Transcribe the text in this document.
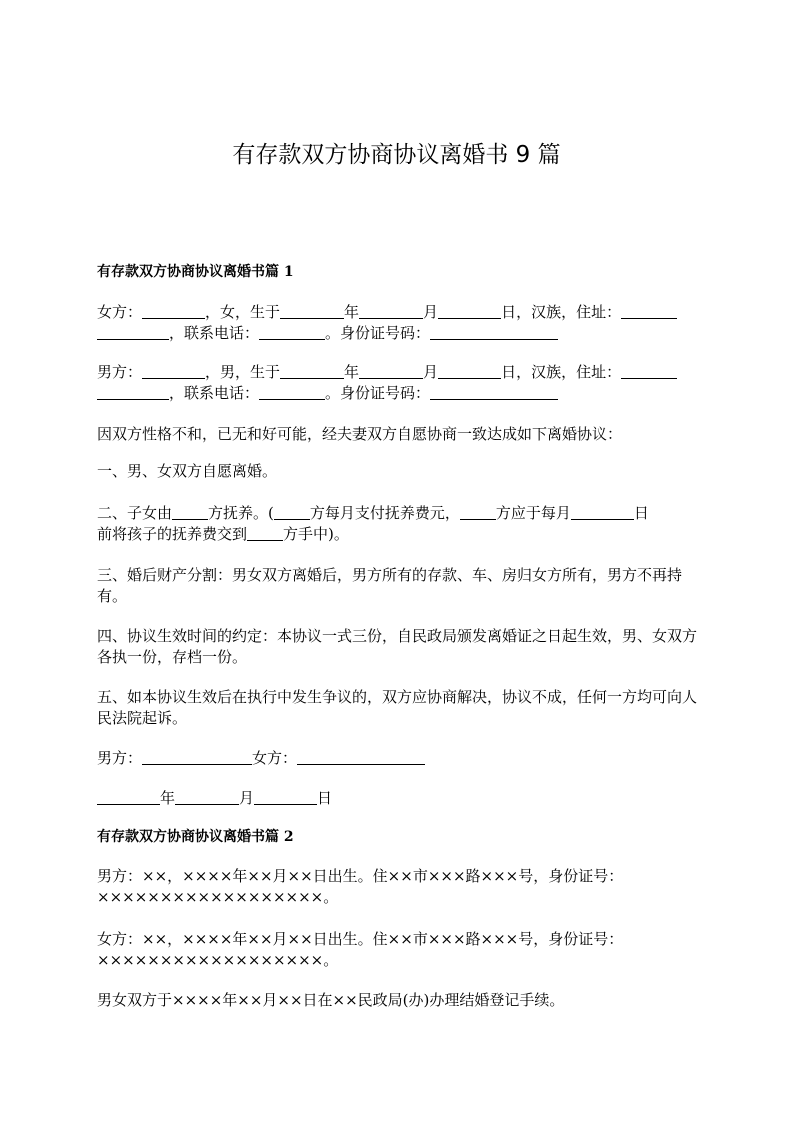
有存款双方协商协议离婚书 9 篇
有存款双方协商协议离婚书篇 1

女方：	，女，生于	年	月	日，汉族，住址：
，联系电话：	。身份证号码：

男方：	，男，生于	年	月	日，汉族，住址：
，联系电话：	。身份证号码：

因双方性格不和，已无和好可能，经夫妻双方自愿协商一致达成如下离婚协议：

一、男、女双方自愿离婚。

二、子女由 方抚养。( 方每月支付抚养费元， 方应于每月	日
前将孩子的抚养费交到 方手中)。

三、婚后财产分割：男女双方离婚后，男方所有的存款、车、房归女方所有，男方不再持有。

四、协议生效时间的约定：本协议一式三份，自民政局颁发离婚证之日起生效，男、女双方各执一份，存档一份。

五、如本协议生效后在执行中发生争议的，双方应协商解决，协议不成，任何一方均可向人民法院起诉。

男方：	女方：

年	月	日

有存款双方协商协议离婚书篇 2

男方：××，××××年××月××日出生。住××市×××路×××号，身份证号：××××××××××××××××××。

女方：××，××××年××月××日出生。住××市×××路×××号，身份证号：××××××××××××××××××。

男女双方于××××年××月××日在××民政局(办)办理结婚登记手续。
